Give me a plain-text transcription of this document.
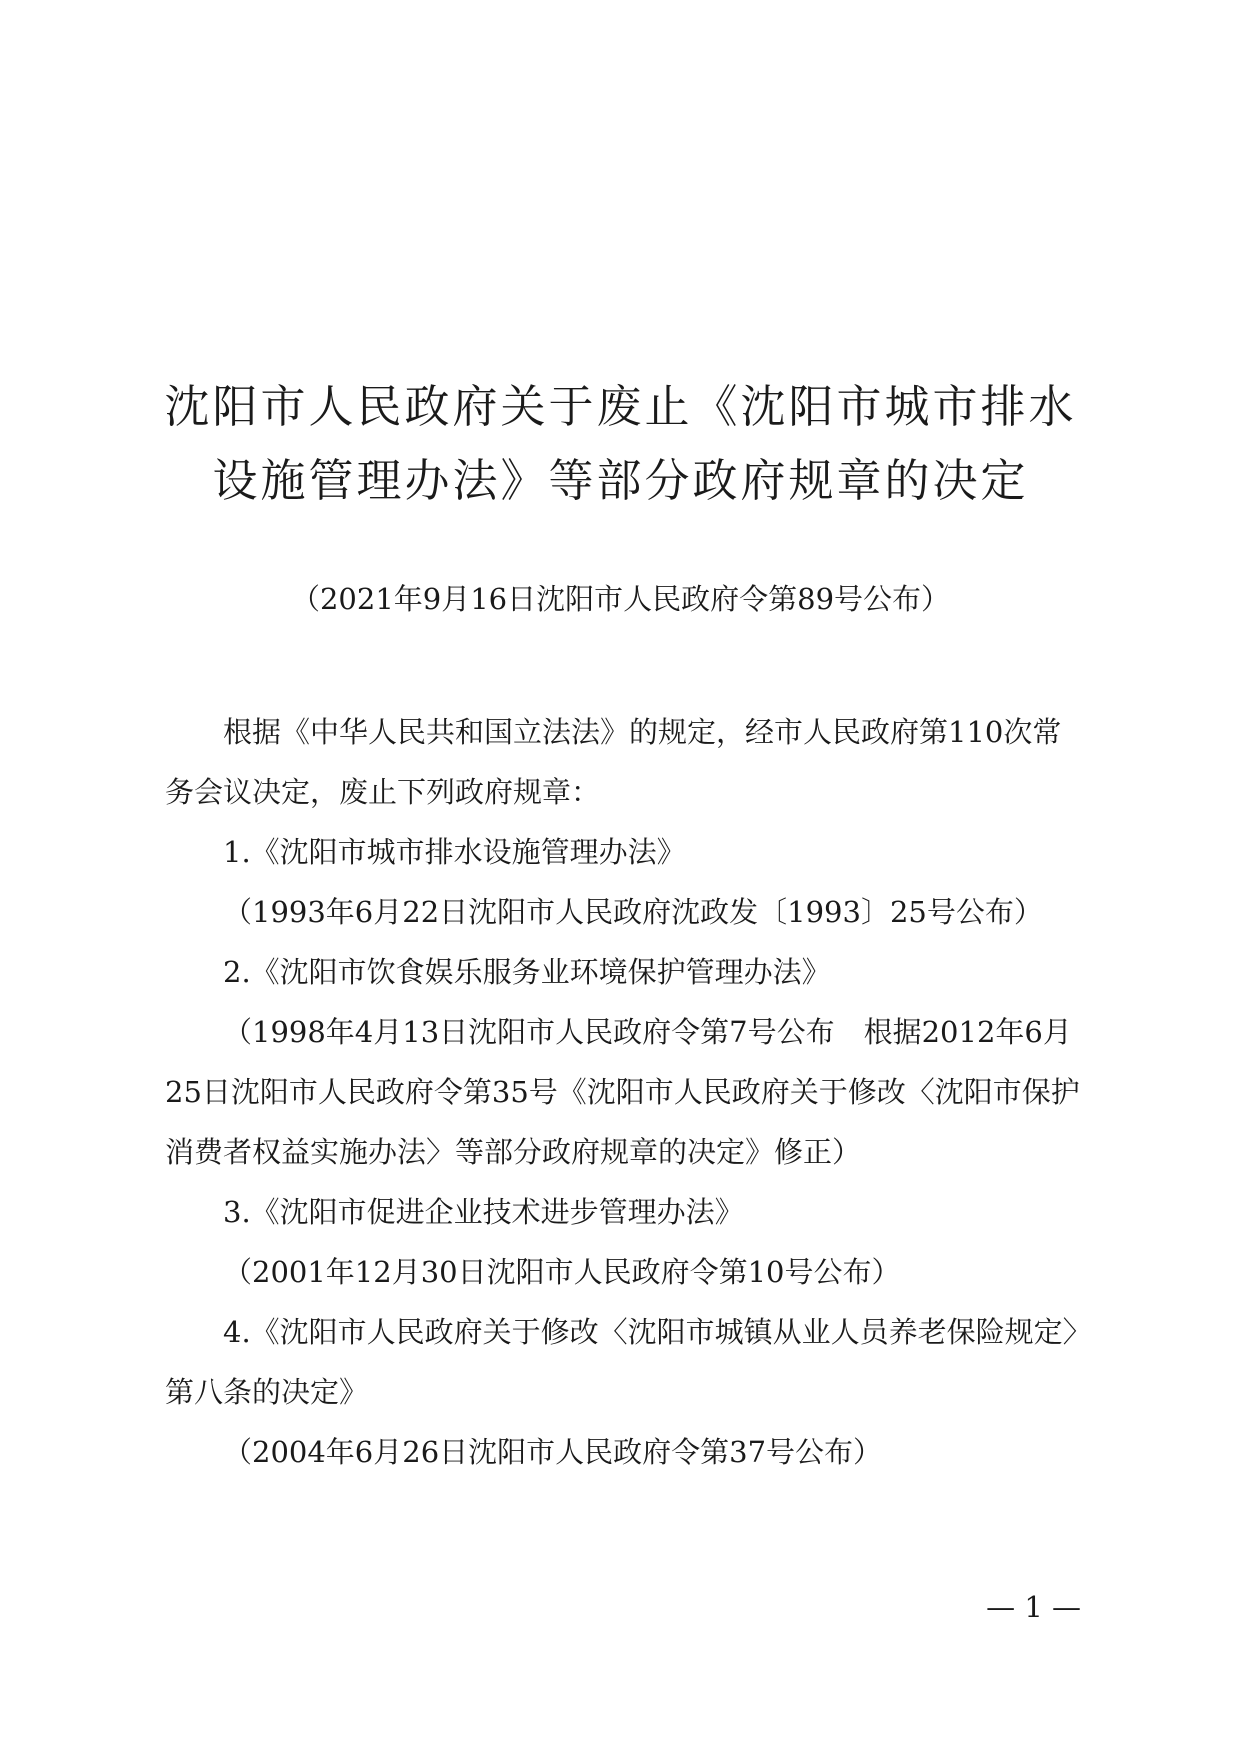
沈阳市人民政府关于废止《沈阳市城市排水
设施管理办法》等部分政府规章的决定
（2021年9月16日沈阳市人民政府令第89号公布）

根据《中华人民共和国立法法》的规定，经市人民政府第110次常务会议决定，废止下列政府规章：

1.《沈阳市城市排水设施管理办法》

（1993年6月22日沈阳市人民政府沈政发〔1993〕25号公布）

2.《沈阳市饮食娱乐服务业环境保护管理办法》

（1998年4月13日沈阳市人民政府令第7号公布　根据2012年6月25日沈阳市人民政府令第35号《沈阳市人民政府关于修改〈沈阳市保护消费者权益实施办法〉等部分政府规章的决定》修正）

3.《沈阳市促进企业技术进步管理办法》

（2001年12月30日沈阳市人民政府令第10号公布）

4.《沈阳市人民政府关于修改〈沈阳市城镇从业人员养老保险规定〉第八条的决定》

（2004年6月26日沈阳市人民政府令第37号公布）

— 1 —
